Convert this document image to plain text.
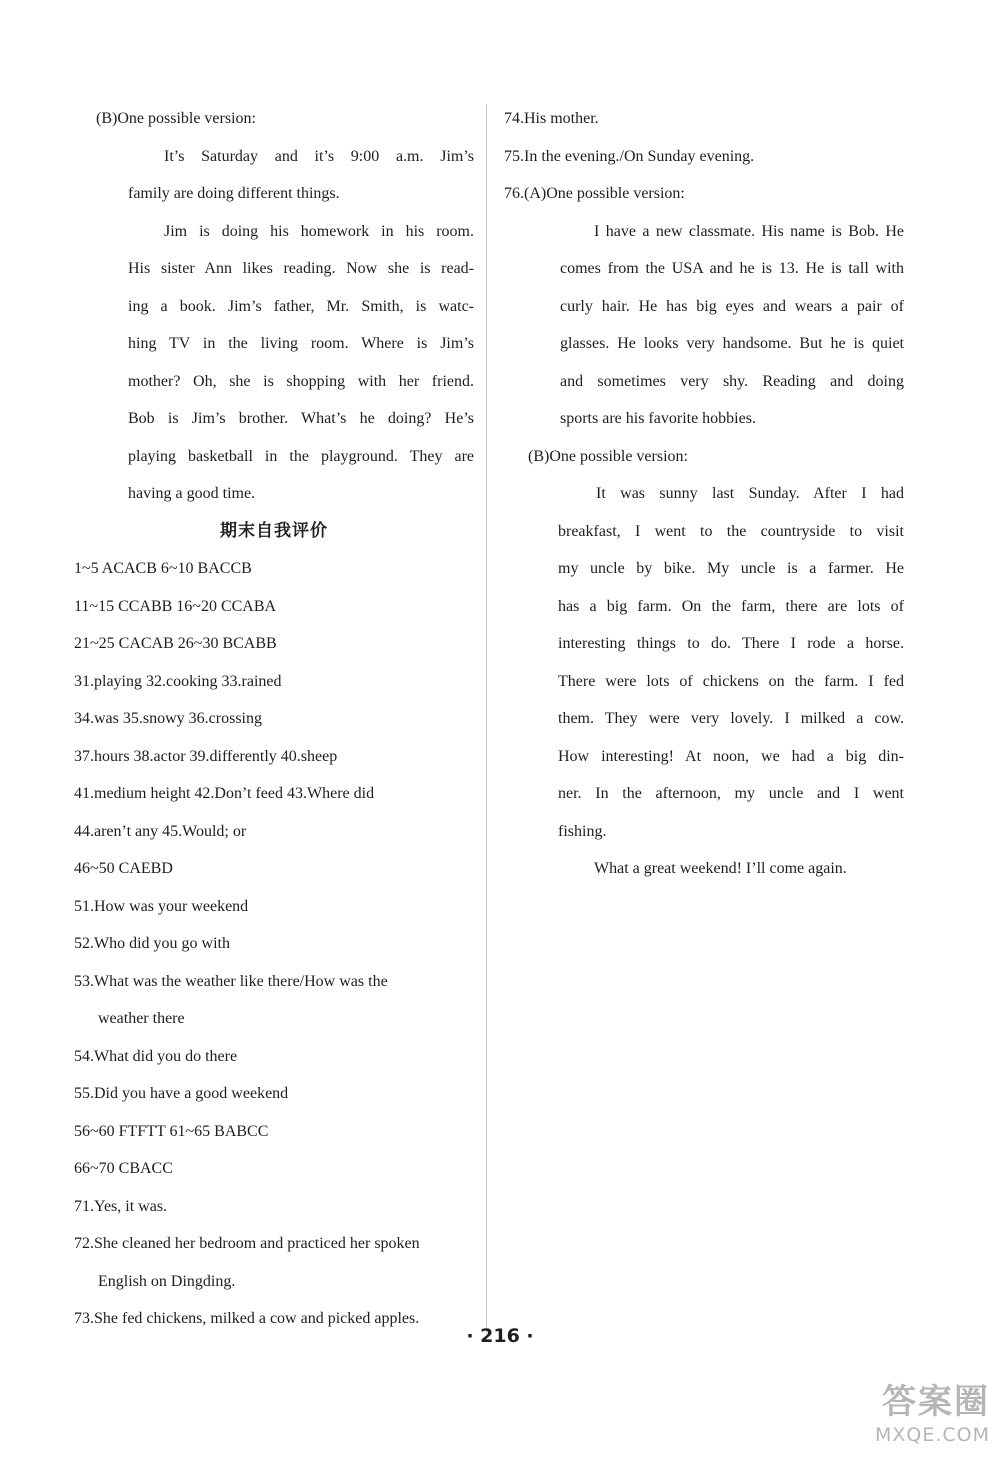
(B)One possible version:
It’s Saturday and it’s 9:00 a.m. Jim’s
family are doing different things.
Jim is doing his homework in his room.
His sister Ann likes reading. Now she is read-
ing a book. Jim’s father, Mr. Smith, is watc-
hing TV in the living room. Where is Jim’s
mother? Oh, she is shopping with her friend.
Bob is Jim’s brother. What’s he doing? He’s
playing basketball in the playground. They are
having a good time.
期末自我评价
1~5 ACACB 6~10 BACCB
11~15 CCABB 16~20 CCABA
21~25 CACAB 26~30 BCABB
31.playing 32.cooking 33.rained
34.was 35.snowy 36.crossing
37.hours 38.actor 39.differently 40.sheep
41.medium height 42.Don’t feed 43.Where did
44.aren’t any 45.Would; or
46~50 CAEBD
51.How was your weekend
52.Who did you go with
53.What was the weather like there/How was the
weather there
54.What did you do there
55.Did you have a good weekend
56~60 FTFTT 61~65 BABCC
66~70 CBACC
71.Yes, it was.
72.She cleaned her bedroom and practiced her spoken
English on Dingding.
73.She fed chickens, milked a cow and picked apples.
74.His mother.
75.In the evening./On Sunday evening.
76.(A)One possible version:
I have a new classmate. His name is Bob. He
comes from the USA and he is 13. He is tall with
curly hair. He has big eyes and wears a pair of
glasses. He looks very handsome. But he is quiet
and sometimes very shy. Reading and doing
sports are his favorite hobbies.
(B)One possible version:
It was sunny last Sunday. After I had
breakfast, I went to the countryside to visit
my uncle by bike. My uncle is a farmer. He
has a big farm. On the farm, there are lots of
interesting things to do. There I rode a horse.
There were lots of chickens on the farm. I fed
them. They were very lovely. I milked a cow.
How interesting! At noon, we had a big din-
ner. In the afternoon, my uncle and I went
fishing.
What a great weekend! I’ll come again.
· 216 ·
答案圈
MXQE.COM
